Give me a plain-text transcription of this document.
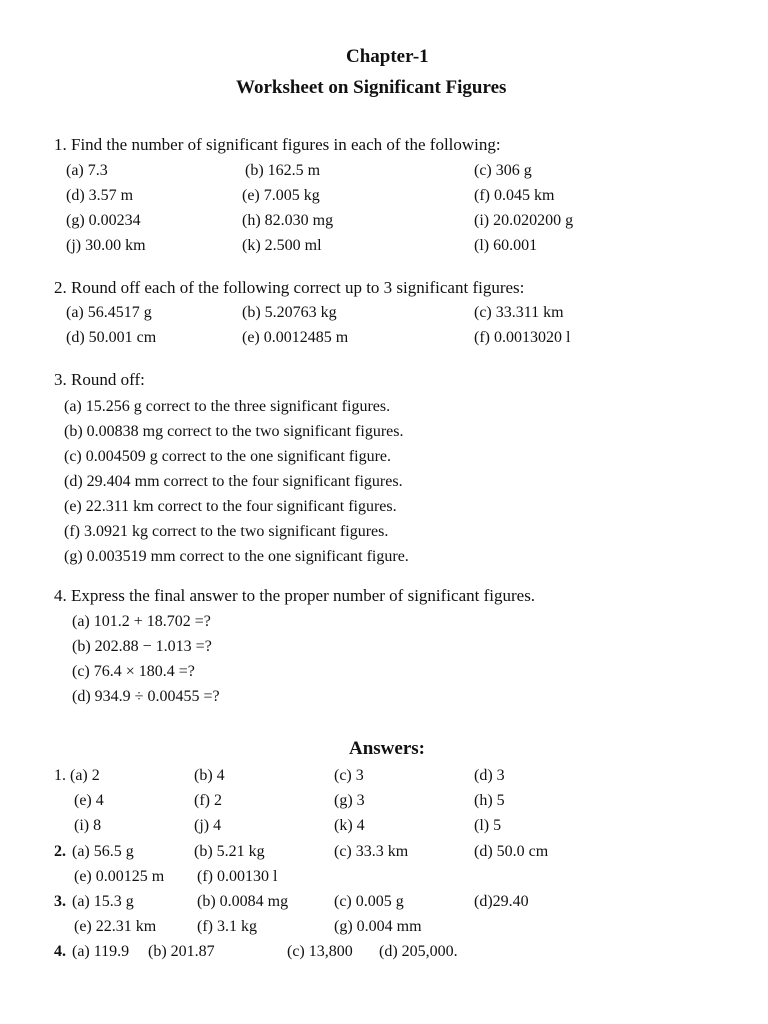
Chapter-1
Worksheet on Significant Figures
1. Find the number of significant figures in each of the following:
(a) 7.3	(b) 162.5 m	(c) 306 g
(d) 3.57 m	(e) 7.005 kg	(f) 0.045 km
(g) 0.00234	(h) 82.030 mg	(i) 20.020200 g
(j) 30.00 km	(k) 2.500 ml	(l) 60.001
2. Round off each of the following correct up to 3 significant figures:
(a) 56.4517 g	(b) 5.20763 kg	(c) 33.311 km
(d) 50.001 cm	(e) 0.0012485 m	(f) 0.0013020 l
3. Round off:
(a) 15.256 g correct to the three significant figures.
(b) 0.00838 mg correct to the two significant figures.
(c) 0.004509 g correct to the one significant figure.
(d) 29.404 mm correct to the four significant figures.
(e) 22.311 km correct to the four significant figures.
(f) 3.0921 kg correct to the two significant figures.
(g) 0.003519 mm correct to the one significant figure.
4. Express the final answer to the proper number of significant figures.
(a) 101.2 + 18.702 =?
(b) 202.88 − 1.013 =?
(c) 76.4 × 180.4 =?
(d) 934.9 ÷ 0.00455 =?
Answers:
1. (a) 2	(b) 4	(c) 3	(d) 3
(e) 4	(f) 2	(g) 3	(h) 5
(i) 8	(j) 4	(k) 4	(l) 5
2. (a) 56.5 g	(b) 5.21 kg	(c) 33.3 km	(d) 50.0 cm
(e) 0.00125 m (f) 0.00130 l
3. (a) 15.3 g	(b) 0.0084 mg	(c) 0.005 g	(d)29.40
(e) 22.31 km	(f) 3.1 kg	(g) 0.004 mm
4. (a) 119.9 (b) 201.87	(c) 13,800 (d) 205,000.
